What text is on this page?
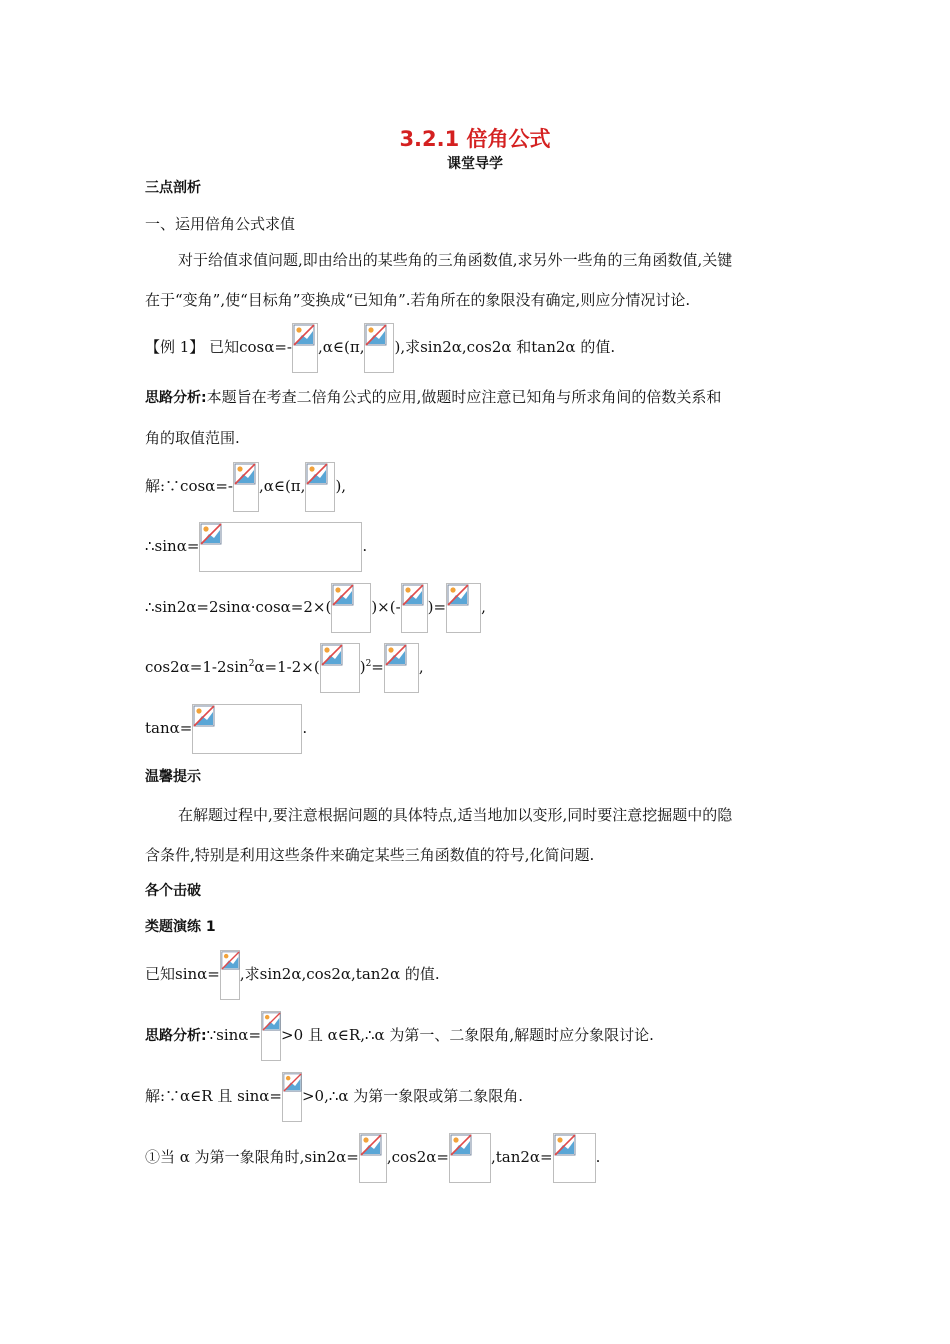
3.2.1 倍角公式
课堂导学
三点剖析
一、运用倍角公式求值
对于给值求值问题,即由给出的某些角的三角函数值,求另外一些角的三角函数值,关键
在于“变角”,使“目标角”变换成“已知角”.若角所在的象限没有确定,则应分情况讨论.
【例 1】 已知cosα=- ,α∈(π, ),求sin2α,cos2α 和tan2α 的值.
思路分析:本题旨在考查二倍角公式的应用,做题时应注意已知角与所求角间的倍数关系和
角的取值范围.
解:∵cosα=- ,α∈(π, ),
∴sinα=	.
∴sin2α=2sinα·cosα=2×(	)×(- )= ,
$\cos 2\alpha=1-2\sin^2\alpha=1-2\times$(	)$^2$= ,
tanα=	.
温馨提示
在解题过程中,要注意根据问题的具体特点,适当地加以变形,同时要注意挖掘题中的隐
含条件,特别是利用这些条件来确定某些三角函数值的符号,化简问题.
各个击破
类题演练 1
已知sinα= ,求sin2α,cos2α,tan2α 的值.
思路分析:∵sinα= >0 且 α∈R,∴α 为第一、二象限角,解题时应分象限讨论.
解:∵α∈R 且 sinα= >0,∴α 为第一象限或第二象限角.
①当 α 为第一象限角时,sin2α= ,cos2α=	,tan2α=	.
